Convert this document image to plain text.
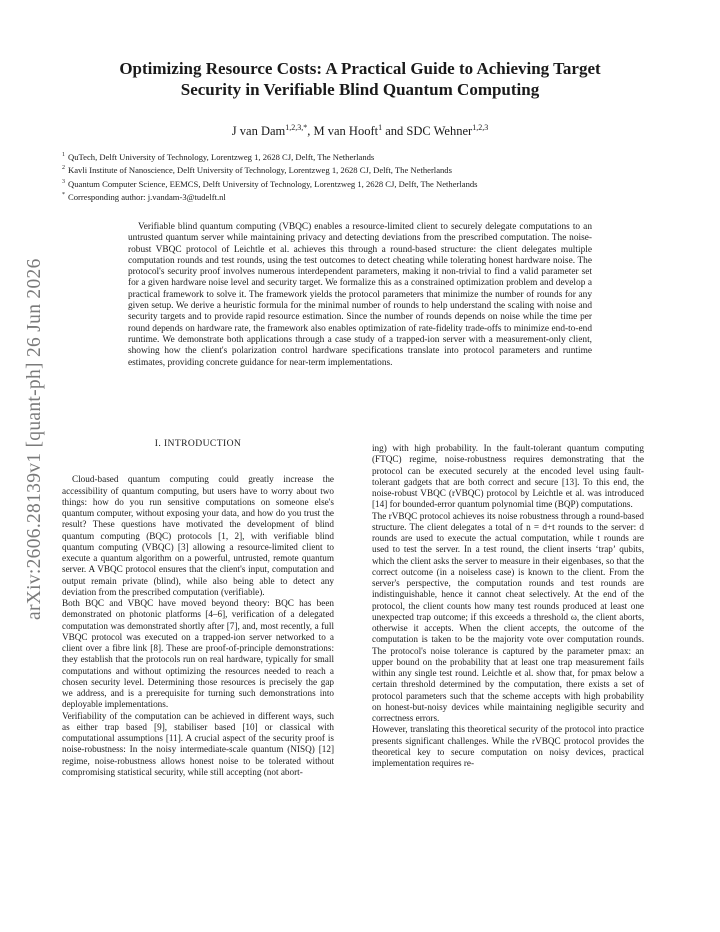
Optimizing Resource Costs: A Practical Guide to Achieving Target
Security in Verifiable Blind Quantum Computing
J van Dam$^{1,2,3,*}$, M van Hooft$^1$ and SDC Wehner$^{1,2,3}$
$^1$ QuTech, Delft University of Technology, Lorentzweg 1, 2628 CJ, Delft, The Netherlands
$^2$ Kavli Institute of Nanoscience, Delft University of Technology, Lorentzweg 1, 2628 CJ, Delft, The Netherlands
$^3$ Quantum Computer Science, EEMCS, Delft University of Technology, Lorentzweg 1, 2628 CJ, Delft, The Netherlands
* Corresponding author: j.vandam-3@tudelft.nl
Verifiable blind quantum computing (VBQC) enables a resource-limited client to securely delegate computations to an untrusted quantum server while maintaining privacy and detecting deviations from the prescribed computation. The noise-robust VBQC protocol of Leichtle et al. achieves this through a round-based structure: the client delegates multiple computation rounds and test rounds, using the test outcomes to detect cheating while tolerating honest hardware noise. The protocol's security proof involves numerous interdependent parameters, making it non-trivial to find a valid parameter set for a given hardware noise level and security target. We formalize this as a constrained optimization problem and develop a practical framework to solve it. The framework yields the protocol parameters that minimize the number of rounds for any given setup. We derive a heuristic formula for the minimal number of rounds to help understand the scaling with noise and security targets and to provide rapid resource estimation. Since the number of rounds depends on noise while the time per round depends on hardware rate, the framework also enables optimization of rate-fidelity trade-offs to minimize end-to-end runtime. We demonstrate both applications through a case study of a trapped-ion server with a measurement-only client, showing how the client's polarization control hardware specifications translate into protocol parameters and runtime estimates, providing concrete guidance for near-term implementations.
arXiv:2606.28139v1 [quant-ph] 26 Jun 2026	I. INTRODUCTION

Cloud-based quantum computing could greatly increase the accessibility of quantum computing, but users have to worry about two things: how do you run sensitive computations on someone else's quantum computer, without exposing your data, and how do you trust the result? These questions have motivated the development of blind quantum computing (BQC) protocols [1, 2], with verifiable blind quantum computing (VBQC) [3] allowing a resource-limited client to execute a quantum algorithm on a powerful, untrusted, remote quantum server. A VBQC protocol ensures that the client's input, computation and output remain private (blind), while also being able to detect any deviation from the prescribed computation (verifiable).

Both BQC and VBQC have moved beyond theory: BQC has been demonstrated on photonic platforms [4–6], verification of a delegated computation was demonstrated shortly after [7], and, most recently, a full VBQC protocol was executed on a trapped-ion server networked to a client over a fibre link [8]. These are proof-of-principle demonstrations: they establish that the protocols run on real hardware, typically for small computations and without optimizing the resources needed to reach a chosen security level. Determining those resources is precisely the gap we address, and is a prerequisite for turning such demonstrations into deployable implementations.

Verifiability of the computation can be achieved in different ways, such as either trap based [9], stabiliser based [10] or classical with computational assumptions [11]. A crucial aspect of the security proof is noise-robustness: In the noisy intermediate-scale quantum (NISQ) [12] regime, noise-robustness allows honest noise to be tolerated without compromising statistical security, while still accepting (not abort-

ing) with high probability. In the fault-tolerant quantum computing (FTQC) regime, noise-robustness requires demonstrating that the protocol can be executed securely at the encoded level using fault-tolerant gadgets that are both correct and secure [13]. To this end, the noise-robust VBQC (rVBQC) protocol by Leichtle et al. was introduced [14] for bounded-error quantum polynomial time (BQP) computations.

The rVBQC protocol achieves its noise robustness through a round-based structure. The client delegates a total of n = d+t rounds to the server: d rounds are used to execute the actual computation, while t rounds are used to test the server. In a test round, the client inserts ‘trap’ qubits, which the client asks the server to measure in their eigenbases, so that the correct outcome (in a noiseless case) is known to the client. From the server's perspective, the computation rounds and test rounds are indistinguishable, hence it cannot cheat selectively. At the end of the protocol, the client counts how many test rounds produced at least one unexpected trap outcome; if this exceeds a threshold ω, the client aborts, otherwise it accepts. When the client accepts, the outcome of the computation is taken to be the majority vote over computation rounds. The protocol's noise tolerance is captured by the parameter pmax: an upper bound on the probability that at least one trap measurement fails within any single test round. Leichtle et al. show that, for pmax below a certain threshold determined by the computation, there exists a set of protocol parameters such that the scheme accepts with high probability on honest-but-noisy devices while maintaining negligible security and correctness errors.

However, translating this theoretical security of the protocol into practice presents significant challenges. While the rVBQC protocol provides the theoretical key to secure computation on noisy devices, practical implementation requires re-
